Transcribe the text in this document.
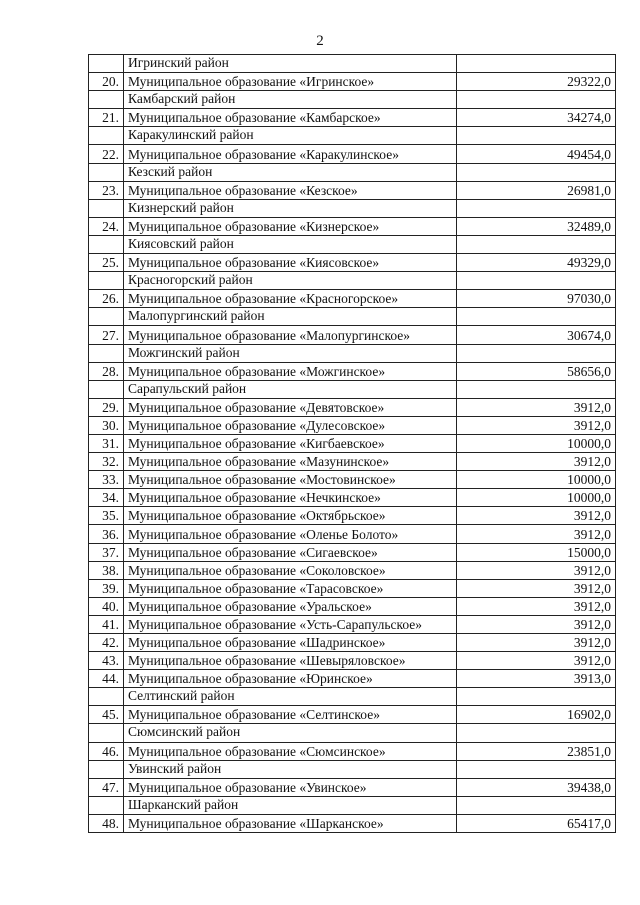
2
	Игринский район	
20.	Муниципальное образование «Игринское»	29322,0
	Камбарский район	
21.	Муниципальное образование «Камбарское»	34274,0
	Каракулинский район	
22.	Муниципальное образование «Каракулинское»	49454,0
	Кезский район	
23.	Муниципальное образование «Кезское»	26981,0
	Кизнерский район	
24.	Муниципальное образование «Кизнерское»	32489,0
	Киясовский район	
25.	Муниципальное образование «Киясовское»	49329,0
	Красногорский район	
26.	Муниципальное образование «Красногорское»	97030,0
	Малопургинский район	
27.	Муниципальное образование «Малопургинское»	30674,0
	Можгинский район	
28.	Муниципальное образование «Можгинское»	58656,0
	Сарапульский район	
29.	Муниципальное образование «Девятовское»	3912,0
30.	Муниципальное образование «Дулесовское»	3912,0
31.	Муниципальное образование «Кигбаевское»	10000,0
32.	Муниципальное образование «Мазунинское»	3912,0
33.	Муниципальное образование «Мостовинское»	10000,0
34.	Муниципальное образование «Нечкинское»	10000,0
35.	Муниципальное образование «Октябрьское»	3912,0
36.	Муниципальное образование «Оленье Болото»	3912,0
37.	Муниципальное образование «Сигаевское»	15000,0
38.	Муниципальное образование «Соколовское»	3912,0
39.	Муниципальное образование «Тарасовское»	3912,0
40.	Муниципальное образование «Уральское»	3912,0
41.	Муниципальное образование «Усть-Сарапульское»	3912,0
42.	Муниципальное образование «Шадринское»	3912,0
43.	Муниципальное образование «Шевыряловское»	3912,0
44.	Муниципальное образование «Юринское»	3913,0
	Селтинский район	
45.	Муниципальное образование «Селтинское»	16902,0
	Сюмсинский район	
46.	Муниципальное образование «Сюмсинское»	23851,0
	Увинский район	
47.	Муниципальное образование «Увинское»	39438,0
	Шарканский район	
48.	Муниципальное образование «Шарканское»	65417,0
